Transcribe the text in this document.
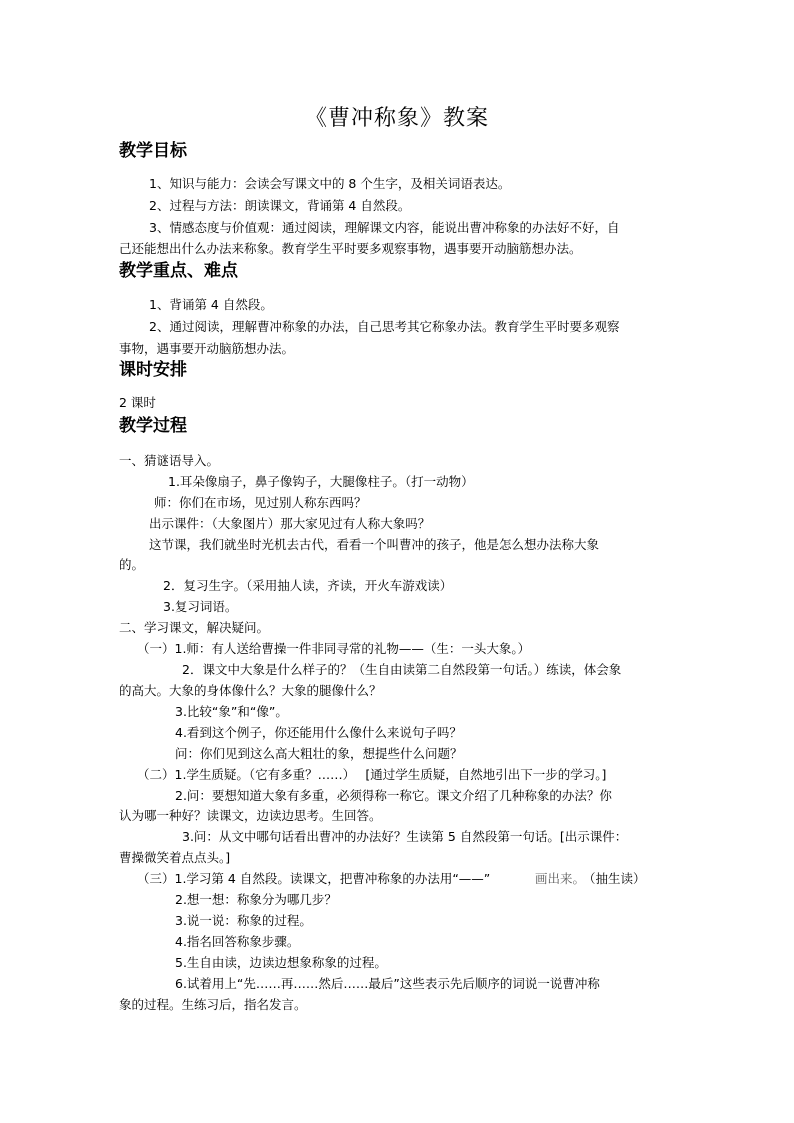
《曹冲称象》教案
教学目标
1、知识与能力：会读会写课文中的 8 个生字，及相关词语表达。
2、过程与方法：朗读课文，背诵第 4 自然段。
3、情感态度与价值观：通过阅读，理解课文内容，能说出曹冲称象的办法好不好，自
己还能想出什么办法来称象。教育学生平时要多观察事物，遇事要开动脑筋想办法。
教学重点、难点
1、背诵第 4 自然段。
2、通过阅读，理解曹冲称象的办法，自己思考其它称象办法。教育学生平时要多观察
事物，遇事要开动脑筋想办法。
课时安排
2 课时
教学过程
一、猜谜语导入。
1.耳朵像扇子，鼻子像钩子，大腿像柱子。（打一动物）
师：你们在市场，见过别人称东西吗？
出示课件：（大象图片）那大家见过有人称大象吗？
这节课，我们就坐时光机去古代，看看一个叫曹冲的孩子，他是怎么想办法称大象
的。
2．复习生字。（采用抽人读，齐读，开火车游戏读）
3.复习词语。
二、学习课文，解决疑问。
（一）1.师：有人送给曹操一件非同寻常的礼物——（生：一头大象。）
2．课文中大象是什么样子的？（生自由读第二自然段第一句话。）练读，体会象
的高大。大象的身体像什么？大象的腿像什么？
3.比较“象”和“像”。
4.看到这个例子，你还能用什么像什么来说句子吗？
问：你们见到这么高大粗壮的象，想提些什么问题？
（二）1.学生质疑。（它有多重？……）　 [通过学生质疑，自然地引出下一步的学习。]
2.问：要想知道大象有多重，必须得称一称它。课文介绍了几种称象的办法？你
认为哪一种好？读课文，边读边思考。生回答。
3.问：从文中哪句话看出曹冲的办法好？生读第 5 自然段第一句话。[出示课件：
曹操微笑着点点头。]
（三）1.学习第 4 自然段。读课文，把曹冲称象的办法用“——”	画出来。
（抽生读）
2.想一想：称象分为哪几步？
3.说一说：称象的过程。
4.指名回答称象步骤。
5.生自由读，边读边想象称象的过程。
6.试着用上“先……再……然后……最后”这些表示先后顺序的词说一说曹冲称
象的过程。生练习后，指名发言。
